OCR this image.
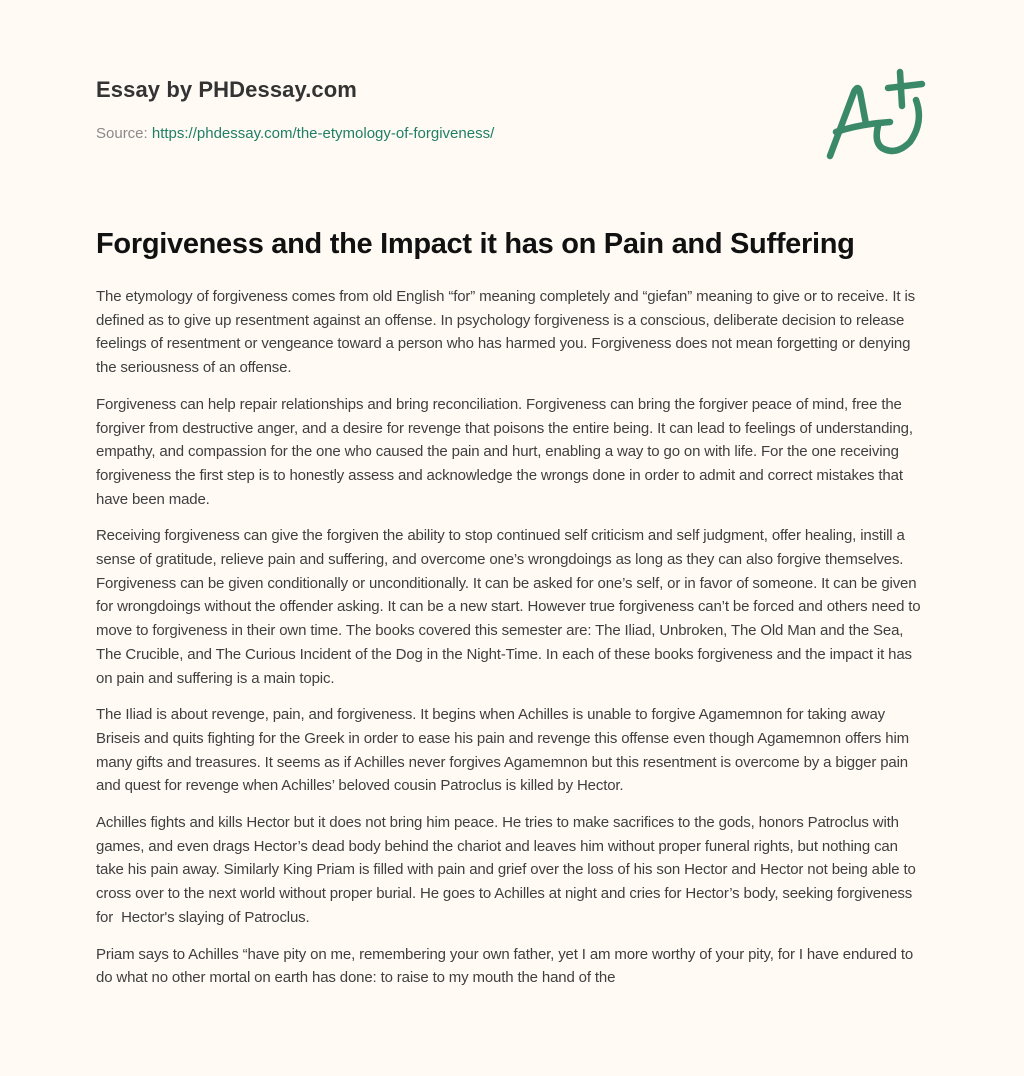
Essay by PHDessay.com
Source: https://phdessay.com/the-etymology-of-forgiveness/
Forgiveness and the Impact it has on Pain and Suffering

The etymology of forgiveness comes from old English “for” meaning completely and “giefan” meaning to give or to receive. It is defined as to give up resentment against an offense. In psychology forgiveness is a conscious, deliberate decision to release feelings of resentment or vengeance toward a person who has harmed you. Forgiveness does not mean forgetting or denying the seriousness of an offense.

Forgiveness can help repair relationships and bring reconciliation. Forgiveness can bring the forgiver peace of mind, free the forgiver from destructive anger, and a desire for revenge that poisons the entire being. It can lead to feelings of understanding, empathy, and compassion for the one who caused the pain and hurt, enabling a way to go on with life. For the one receiving forgiveness the first step is to honestly assess and acknowledge the wrongs done in order to admit and correct mistakes that have been made.

Receiving forgiveness can give the forgiven the ability to stop continued self criticism and self judgment, offer healing, instill a sense of gratitude, relieve pain and suffering, and overcome one’s wrongdoings as long as they can also forgive themselves. Forgiveness can be given conditionally or unconditionally. It can be asked for one’s self, or in favor of someone. It can be given for wrongdoings without the offender asking. It can be a new start. However true forgiveness can’t be forced and others need to move to forgiveness in their own time. The books covered this semester are: The Iliad, Unbroken, The Old Man and the Sea, The Crucible, and The Curious Incident of the Dog in the Night-Time. In each of these books forgiveness and the impact it has on pain and suffering is a main topic.

The Iliad is about revenge, pain, and forgiveness. It begins when Achilles is unable to forgive Agamemnon for taking away Briseis and quits fighting for the Greek in order to ease his pain and revenge this offense even though Agamemnon offers him many gifts and treasures. It seems as if Achilles never forgives Agamemnon but this resentment is overcome by a bigger pain and quest for revenge when Achilles’ beloved cousin Patroclus is killed by Hector.

Achilles fights and kills Hector but it does not bring him peace. He tries to make sacrifices to the gods, honors Patroclus with games, and even drags Hector’s dead body behind the chariot and leaves him without proper funeral rights, but nothing can take his pain away. Similarly King Priam is filled with pain and grief over the loss of his son Hector and Hector not being able to cross over to the next world without proper burial. He goes to Achilles at night and cries for Hector’s body, seeking forgiveness for  Hector's slaying of Patroclus.

Priam says to Achilles “have pity on me, remembering your own father, yet I am more worthy of your pity, for I have endured to do what no other mortal on earth has done: to raise to my mouth the hand of the
